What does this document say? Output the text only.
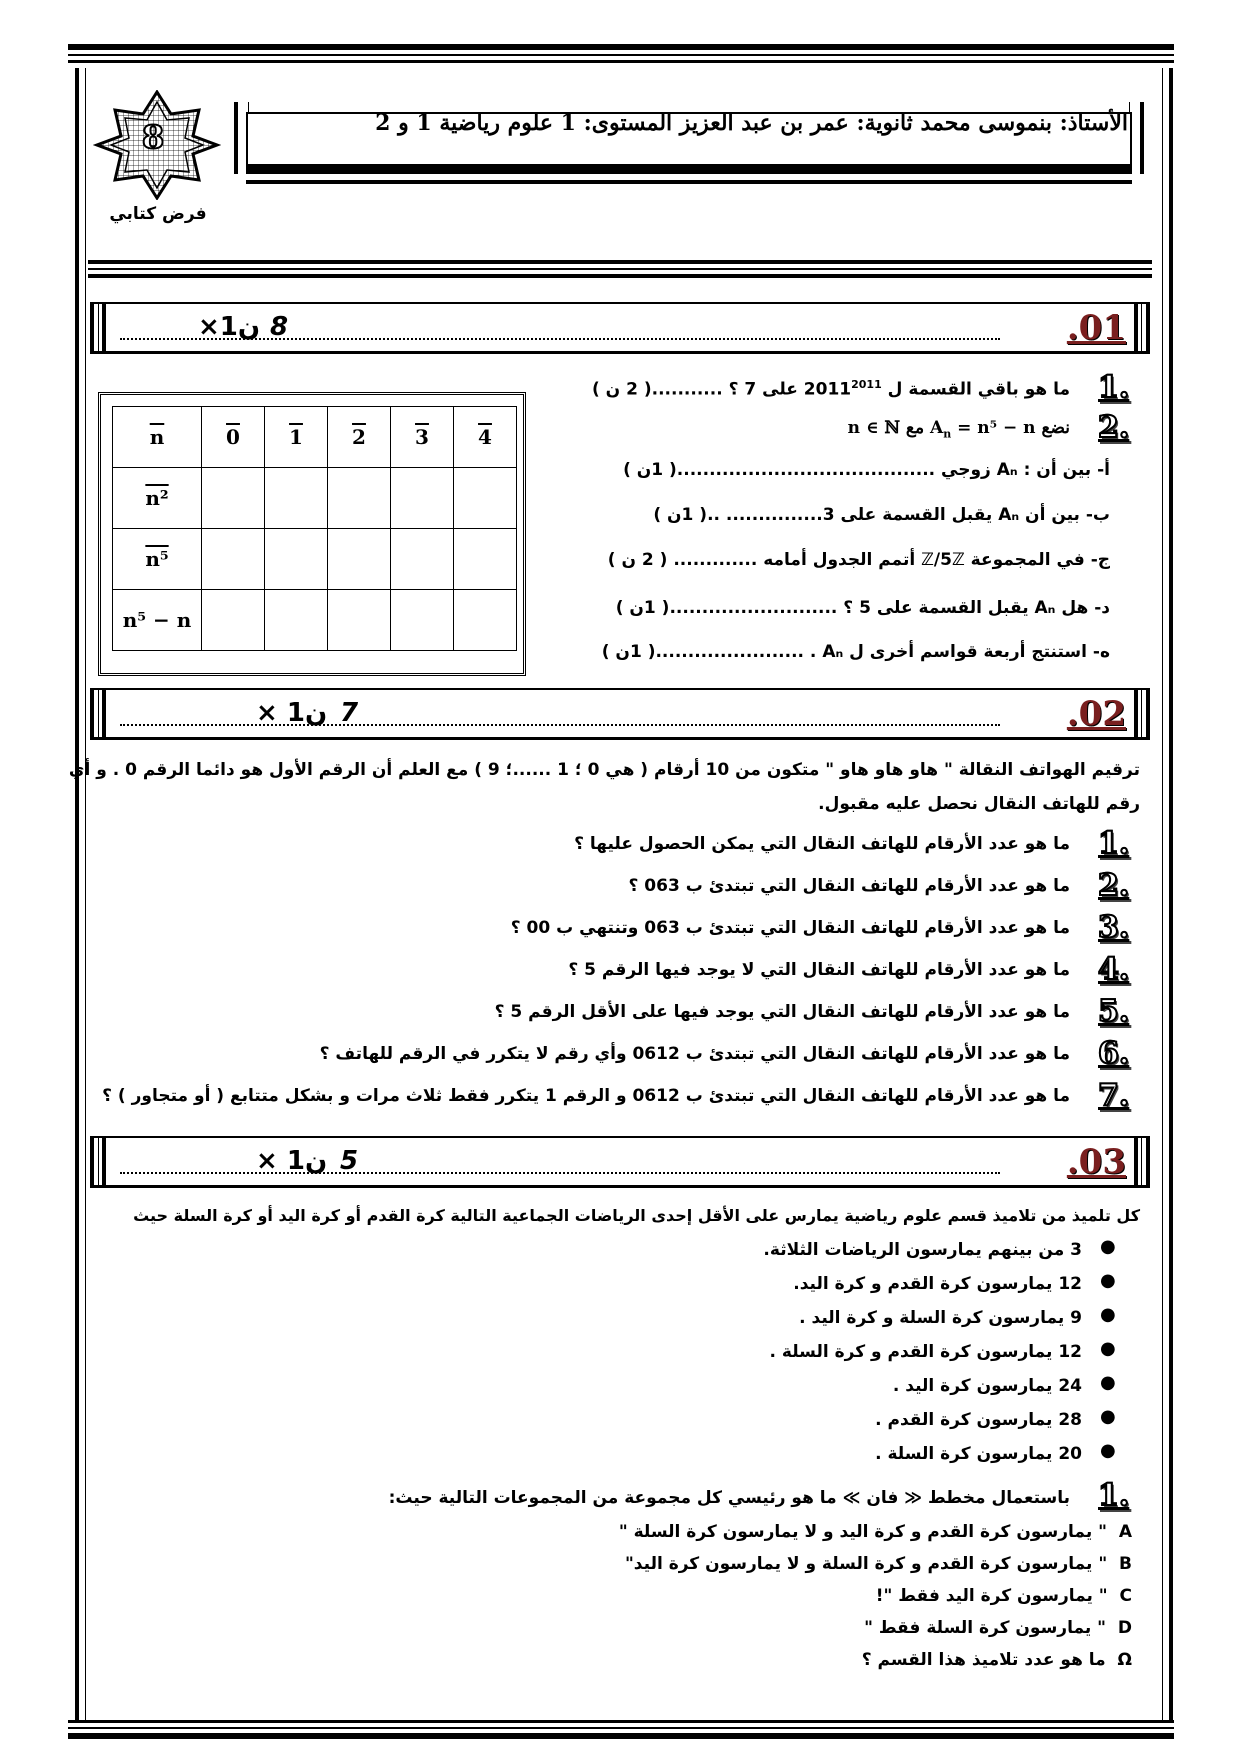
8
فرض كتابي
الأستاذ: بنموسى محمد ثانوية: عمر بن عبد العزيز المستوى: 1 علوم رياضية 1 و 2
.01
×1ن 8
1.
ما هو باقي القسمة ل $2011^{2011}$ على 7 ؟ ...........( 2 ن )
2.
نضع $A_n = n^5 - n$ مع n ∈ ℕ
أ- بين أن : Aₙ زوجي ........................................( 1ن )
ب- بين أن Aₙ يقبل القسمة على 3............... ..( 1ن )
ج- في المجموعة ℤ/5ℤ أتمم الجدول أمامه ............. ( 2 ن )
د- هل Aₙ يقبل القسمة على 5 ؟ ..........................( 1ن )
ه- استنتج أربعة قواسم أخرى ل Aₙ . .......................( 1ن )
$\overline{n}$	0	1	2	3	4
n²					
n⁵					
n⁵ − n					
.02
× 1ن 7
ترقيم الهواتف النقالة " هاو هاو هاو " متكون من 10 أرقام ( هي 0 ؛ 1 ......؛ 9 ) مع العلم أن الرقم الأول هو دائما الرقم 0 . و أي
رقم للهاتف النقال نحصل عليه مقبول.
1.
ما هو عدد الأرقام للهاتف النقال التي يمكن الحصول عليها ؟
2.
ما هو عدد الأرقام للهاتف النقال التي تبتدئ ب 063 ؟
3.
ما هو عدد الأرقام للهاتف النقال التي تبتدئ ب 063 وتنتهي ب 00 ؟
4.
ما هو عدد الأرقام للهاتف النقال التي لا يوجد فيها الرقم 5 ؟
5.
ما هو عدد الأرقام للهاتف النقال التي يوجد فيها على الأقل الرقم 5 ؟
6.
ما هو عدد الأرقام للهاتف النقال التي تبتدئ ب 0612 وأي رقم لا يتكرر في الرقم للهاتف ؟
7.
ما هو عدد الأرقام للهاتف النقال التي تبتدئ ب 0612 و الرقم 1 يتكرر فقط ثلاث مرات و بشكل متتابع ( أو متجاور ) ؟
.03
× 1ن 5
كل تلميذ من تلاميذ قسم علوم رياضية يمارس على الأقل إحدى الرياضات الجماعية التالية كرة القدم أو كرة اليد أو كرة السلة حيث
●
3 من بينهم يمارسون الرياضات الثلاثة.
●
12 يمارسون كرة القدم و كرة اليد.
●
9 يمارسون كرة السلة و كرة اليد .
●
12 يمارسون كرة القدم و كرة السلة .
●
24 يمارسون كرة اليد .
●
28 يمارسون كرة القدم .
●
20 يمارسون كرة السلة .
1.
باستعمال مخطط ≪ فان ≫ ما هو رئيسي كل مجموعة من المجموعات التالية حيث:
A  " يمارسون كرة القدم و كرة اليد و لا يمارسون كرة السلة "
B  " يمارسون كرة القدم و كرة السلة و لا يمارسون كرة اليد"
C  " يمارسون كرة اليد فقط "!
D  " يمارسون كرة السلة فقط "
Ω  ما هو عدد تلاميذ هذا القسم ؟
